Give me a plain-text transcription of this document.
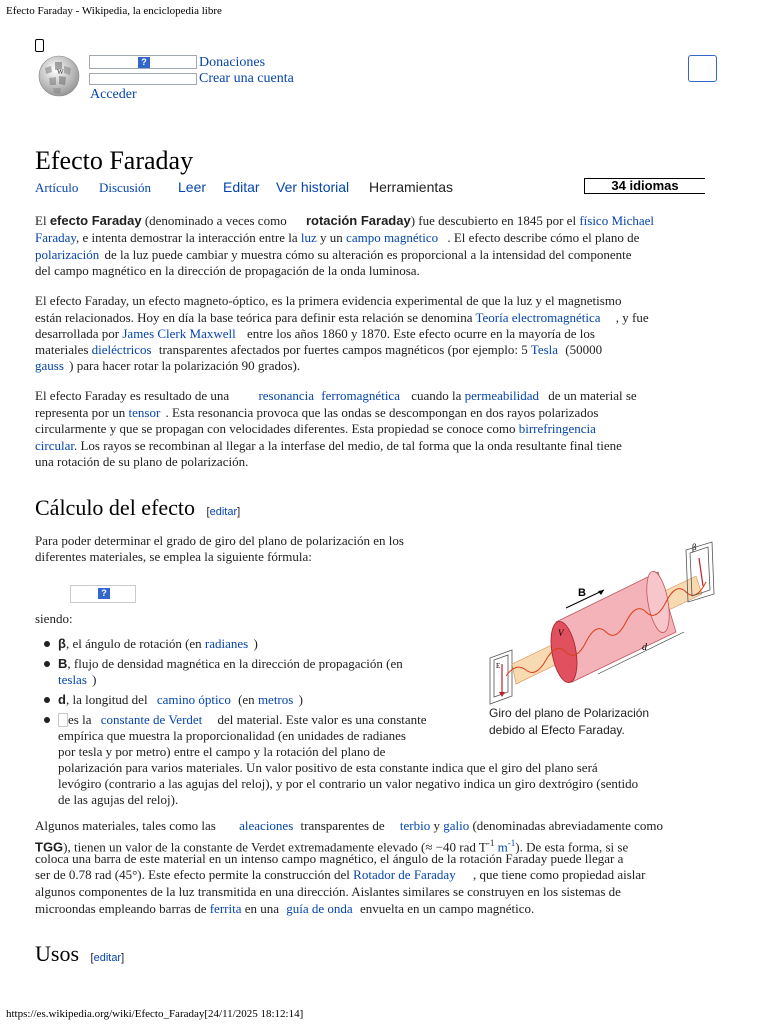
Efecto Faraday - Wikipedia, la enciclopedia libre
W
?	Donaciones
Crear una cuenta
Acceder
Efecto Faraday
Artículo Discusión Leer Editar Ver historial Herramientas	34 idiomas
El efecto Faraday (denominado a veces como rotación Faraday) fue descubierto en 1845 por el físico Michael
Faraday, e intenta demostrar la interacción entre la luz y un campo magnético . El efecto describe cómo el plano de
polarización de la luz puede cambiar y muestra cómo su alteración es proporcional a la intensidad del componente
del campo magnético en la dirección de propagación de la onda luminosa.
El efecto Faraday, un efecto magneto-óptico, es la primera evidencia experimental de que la luz y el magnetismo
están relacionados. Hoy en día la base teórica para definir esta relación se denomina Teoría electromagnética , y fue
desarrollada por James Clerk Maxwell entre los años 1860 y 1870. Este efecto ocurre en la mayoría de los
materiales dieléctricos transparentes afectados por fuertes campos magnéticos (por ejemplo: 5 Tesla (50000
gauss ) para hacer rotar la polarización 90 grados).
El efecto Faraday es resultado de una resonancia ferromagnética cuando la permeabilidad de un material se
representa por un tensor . Esta resonancia provoca que las ondas se descompongan en dos rayos polarizados
circularmente y que se propagan con velocidades diferentes. Esta propiedad se conoce como birrefringencia
circular. Los rayos se recombinan al llegar a la interfase del medio, de tal forma que la onda resultante final tiene
una rotación de su plano de polarización.
Cálculo del efecto [editar]
Para poder determinar el grado de giro del plano de polarización en los
diferentes materiales, se emplea la siguiente fórmula:
?
siendo:
β, el ángulo de rotación (en radianes )
B, flujo de densidad magnética en la dirección de propagación (en
teslas )
d, la longitud del camino óptico (en metros )
es la constante de Verdet del material. Este valor es una constante
empírica que muestra la proporcionalidad (en unidades de radianes
por tesla y por metro) entre el campo y la rotación del plano de
polarización para varios materiales. Un valor positivo de esta constante indica que el giro del plano será
levógiro (contrario a las agujas del reloj), y por el contrario un valor negativo indica un giro dextrógiro (sentido
de las agujas del reloj).
β
B
V
d
E
Giro del plano de Polarización
debido al Efecto Faraday.
Algunos materiales, tales como las aleaciones transparentes de terbio y galio (denominadas abreviadamente como
TGG), tienen un valor de la constante de Verdet extremadamente elevado (≈ −40 rad $T^{-1}$ $m^{-1}$). De esta forma, si se
coloca una barra de este material en un intenso campo magnético, el ángulo de la rotación Faraday puede llegar a
ser de 0.78 rad (45°). Este efecto permite la construcción del Rotador de Faraday , que tiene como propiedad aislar
algunos componentes de la luz transmitida en una dirección. Aislantes similares se construyen en los sistemas de
microondas empleando barras de ferrita en una guía de onda envuelta en un campo magnético.
Usos [editar]
https://es.wikipedia.org/wiki/Efecto_Faraday[24/11/2025 18:12:14]
